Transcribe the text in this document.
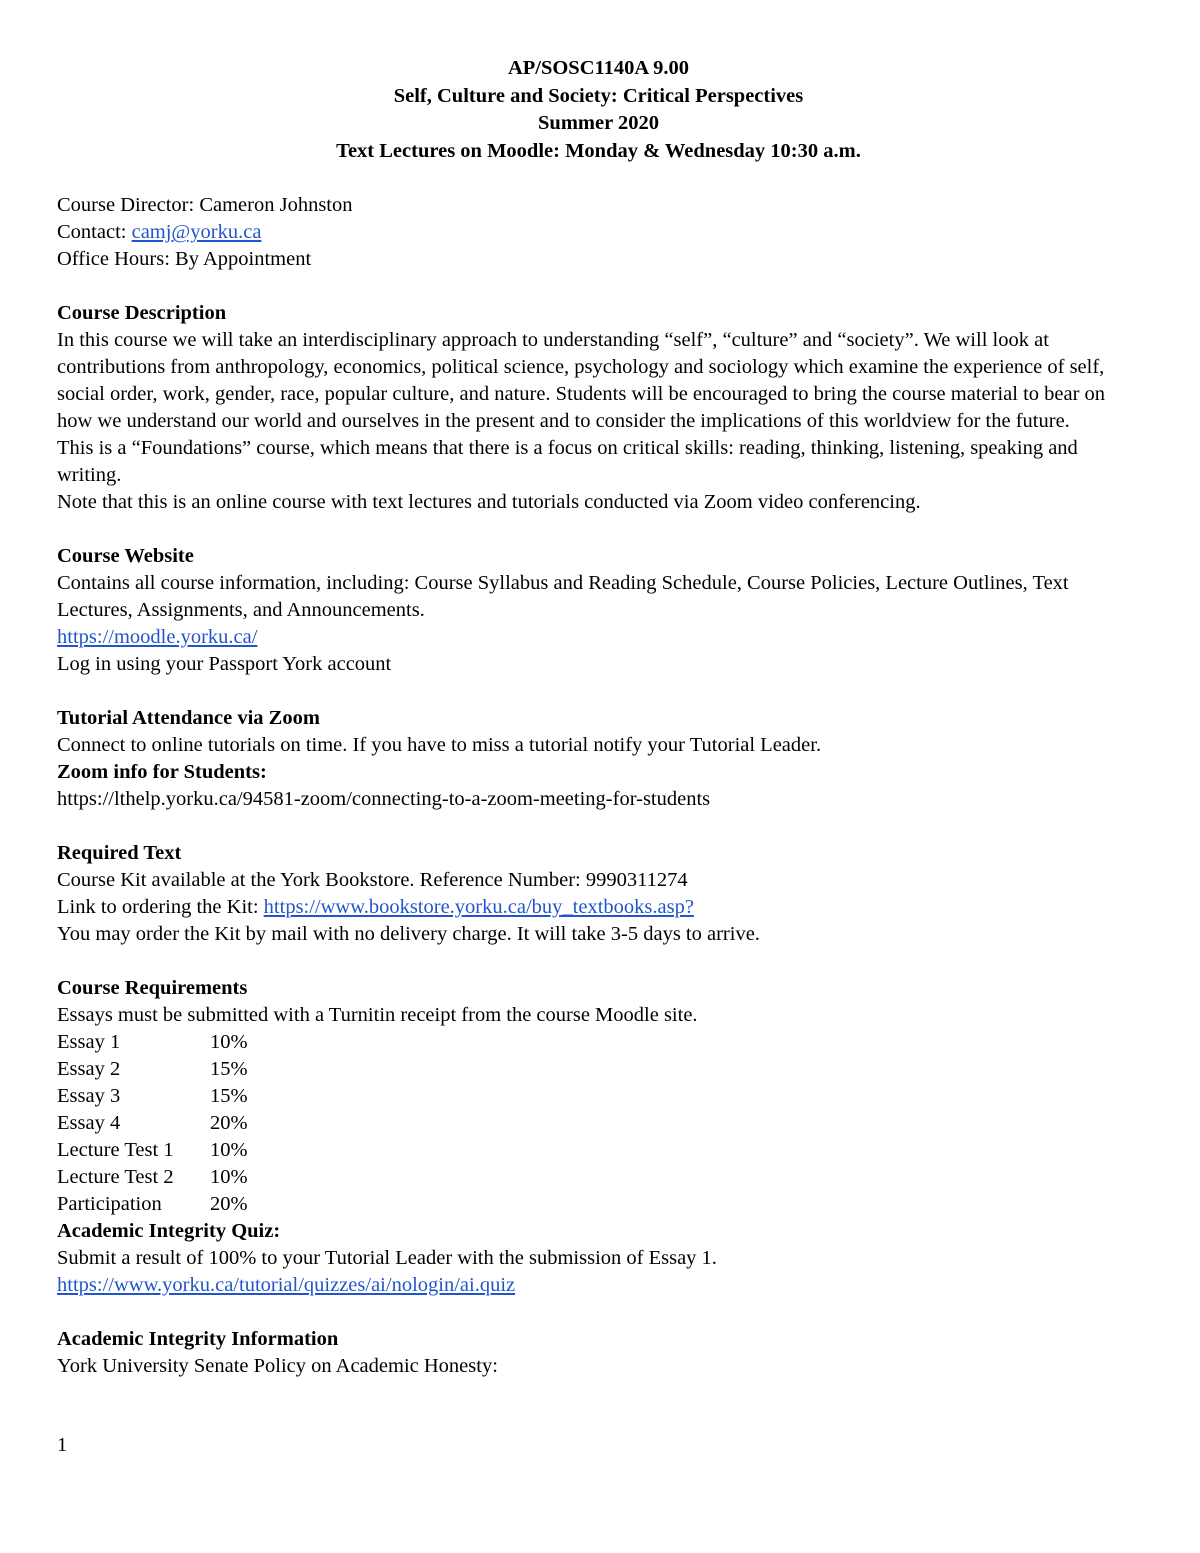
AP/SOSC1140A 9.00
Self, Culture and Society: Critical Perspectives
Summer 2020
Text Lectures on Moodle: Monday & Wednesday 10:30 a.m.

Course Director: Cameron Johnston

Contact: camj@yorku.ca

Office Hours: By Appointment

Course Description

In this course we will take an interdisciplinary approach to understanding “self”, “culture” and “society”. We will look at contributions from anthropology, economics, political science, psychology and sociology which examine the experience of self, social order, work, gender, race, popular culture, and nature. Students will be encouraged to bring the course material to bear on how we understand our world and ourselves in the present and to consider the implications of this worldview for the future.

This is a “Foundations” course, which means that there is a focus on critical skills: reading, thinking, listening, speaking and writing.

Note that this is an online course with text lectures and tutorials conducted via Zoom video conferencing.

Course Website

Contains all course information, including: Course Syllabus and Reading Schedule, Course Policies, Lecture Outlines, Text Lectures, Assignments, and Announcements.

https://moodle.yorku.ca/

Log in using your Passport York account

Tutorial Attendance via Zoom

Connect to online tutorials on time. If you have to miss a tutorial notify your Tutorial Leader.

Zoom info for Students:

https://lthelp.yorku.ca/94581-zoom/connecting-to-a-zoom-meeting-for-students

Required Text

Course Kit available at the York Bookstore. Reference Number: 9990311274

Link to ordering the Kit: https://www.bookstore.yorku.ca/buy_textbooks.asp?

You may order the Kit by mail with no delivery charge. It will take 3-5 days to arrive.

Course Requirements

Essays must be submitted with a Turnitin receipt from the course Moodle site.

Essay 1	10%
Essay 2	15%
Essay 3	15%
Essay 4	20%
Lecture Test 1	10%
Lecture Test 2	10%
Participation	20%

Academic Integrity Quiz:

Submit a result of 100% to your Tutorial Leader with the submission of Essay 1.

https://www.yorku.ca/tutorial/quizzes/ai/nologin/ai.quiz

Academic Integrity Information

York University Senate Policy on Academic Honesty:

1
